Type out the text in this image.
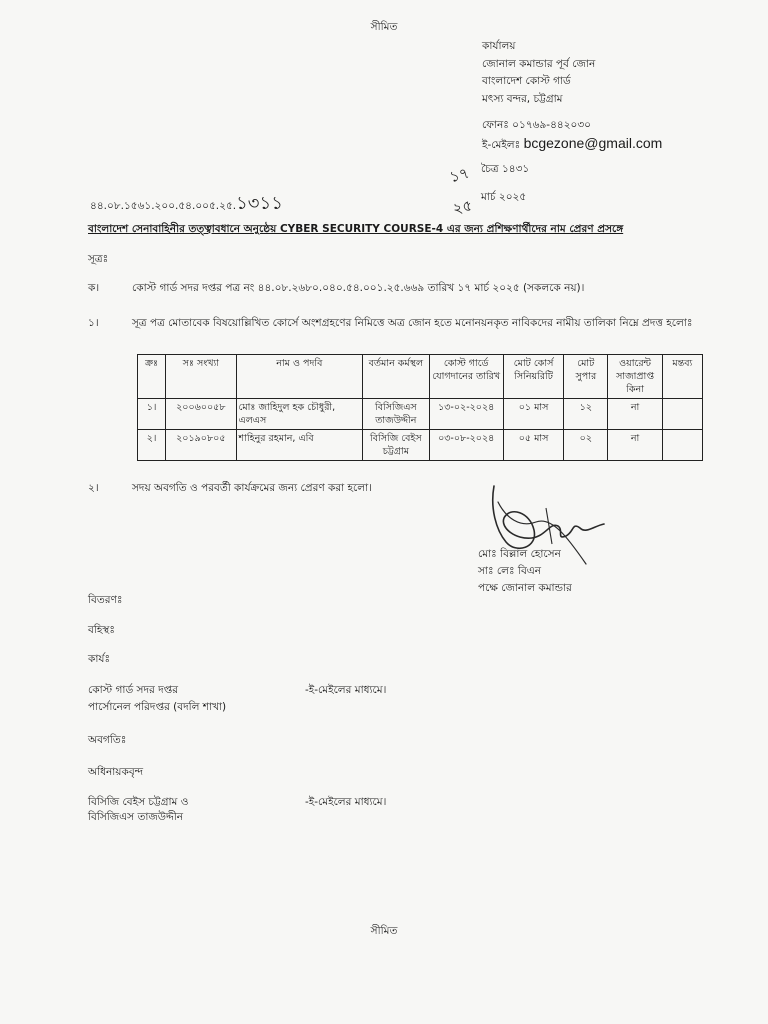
সীমিত
কার্যালয়
জোনাল কমান্ডার পূর্ব জোন
বাংলাদেশ কোস্ট গার্ড
মৎস্য বন্দর, চট্টগ্রাম
ফোনঃ ০১৭৬৯-৪৪২০৩০
ই-মেইলঃ bcgezone@gmail.com
১৭ চৈত্র ১৪৩১
২৫ মার্চ ২০২৫
৪৪.০৮.১৫৬১.২০০.৫৪.০০৫.২৫.১৩১১
বাংলাদেশ সেনাবাহিনীর তত্ত্বাবধানে অনুষ্ঠেয় CYBER SECURITY COURSE-4 এর জন্য প্রশিক্ষণার্থীদের নাম প্রেরণ প্রসঙ্গে
সূত্রঃ
ক।	কোস্ট গার্ড সদর দপ্তর পত্র নং ৪৪.০৮.২৬৮০.০৪০.৫৪.০০১.২৫.৬৬৯ তারিখ ১৭ মার্চ ২০২৫ (সকলকে নয়)।
১।	সূত্র পত্র মোতাবেক বিষয়োল্লিখিত কোর্সে অংশগ্রহণের নিমিত্তে অত্র জোন হতে মনোনয়নকৃত নাবিকদের নামীয় তালিকা নিম্নে প্রদত্ত হলোঃ
ক্রঃ	সঃ সংখ্যা	নাম ও পদবি	বর্তমান কর্মস্থল	কোস্ট গার্ডে যোগদানের তারিখ	মোট কোর্স সিনিয়রিটি	মোট সুপার	ওয়ারেন্ট সাজাপ্রাপ্ত কিনা	মন্তব্য
১।	২০০৬০০৫৮	মোঃ জাহিদুল হক চৌধুরী, এলএস	বিসিজিএস তাজউদ্দীন	১৩-০২-২০২৪	০১ মাস	১২	না	
২।	২০১৯০৮০৫	শাহিনুর রহমান, এবি	বিসিজি বেইস চট্টগ্রাম	০৩-০৮-২০২৪	০৫ মাস	০২	না	
২।	সদয় অবগতি ও পরবর্তী কার্যক্রমের জন্য প্রেরণ করা হলো।
মোঃ বিল্লাল হোসেন
সাঃ লেঃ বিএন
পক্ষে জোনাল কমান্ডার
বিতরণঃ
বহিস্থঃ
কার্যঃ
কোস্ট গার্ড সদর দপ্তর
পার্সোনেল পরিদপ্তর (বদলি শাখা)
-ই-মেইলের মাধ্যমে।
অবগতিঃ
অধিনায়কবৃন্দ
বিসিজি বেইস চট্টগ্রাম ও
বিসিজিএস তাজউদ্দীন
-ই-মেইলের মাধ্যমে।
সীমিত
